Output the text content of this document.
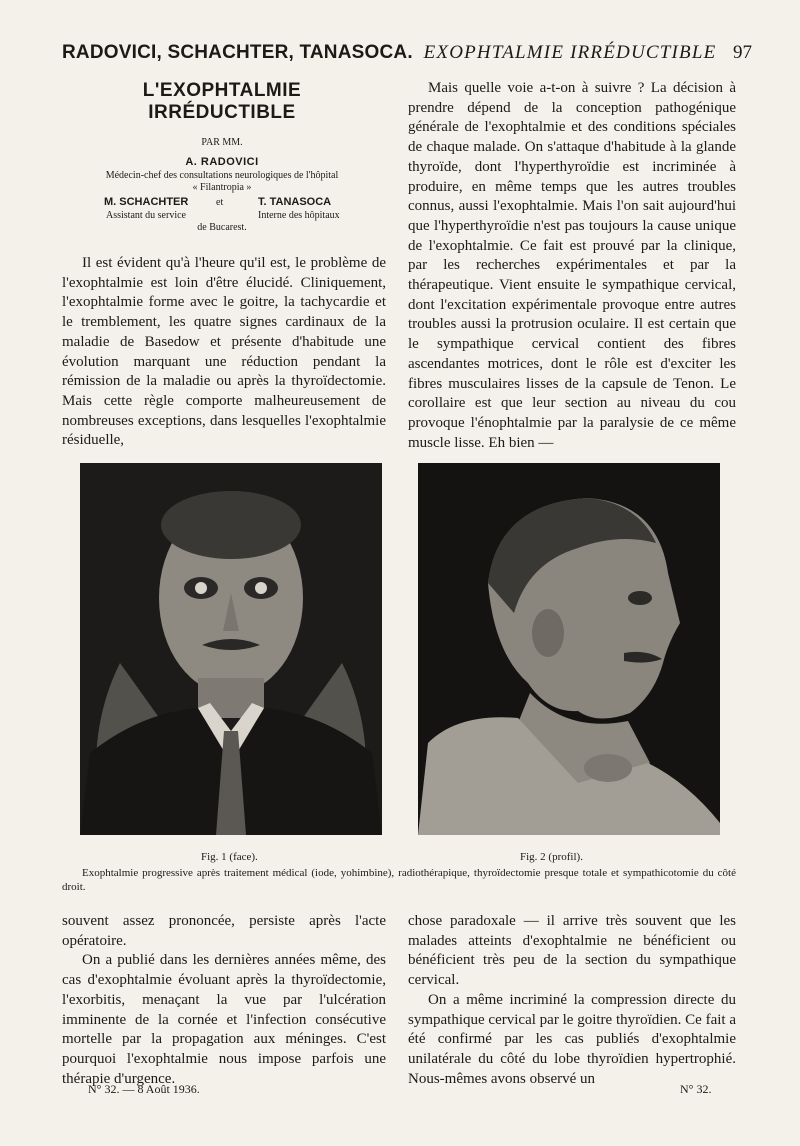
RADOVICI, SCHACHTER, TANASOCA. EXOPHTALMIE IRRÉDUCTIBLE 97
L'EXOPHTALMIE
IRRÉDUCTIBLE
PAR MM.
A. RADOVICI
Médecin-chef des consultations neurologiques de l'hôpital
« Filantropia »
M. SCHACHTER	et	T. TANASOCA
Assistant du service	Interne des hôpitaux
de Bucarest.

Il est évident qu'à l'heure qu'il est, le problème de l'exophtalmie est loin d'être élucidé. Cliniquement, l'exophtalmie forme avec le goitre, la tachycardie et le tremblement, les quatre signes cardinaux de la maladie de Basedow et présente d'habitude une évolution marquant une réduction pendant la rémission de la maladie ou après la thyroïdectomie. Mais cette règle comporte malheureusement de nombreuses exceptions, dans lesquelles l'exophtalmie résiduelle,

Mais quelle voie a-t-on à suivre ? La décision à prendre dépend de la conception pathogénique générale de l'exophtalmie et des conditions spéciales de chaque malade. On s'attaque d'habitude à la glande thyroïde, dont l'hyperthyroïdie est incriminée à produire, en même temps que les autres troubles connus, aussi l'exophtalmie. Mais l'on sait aujourd'hui que l'hyperthyroïdie n'est pas toujours la cause unique de l'exophtalmie. Ce fait est prouvé par la clinique, par les recherches expérimentales et par la thérapeutique. Vient ensuite le sympathique cervical, dont l'excitation expérimentale provoque entre autres troubles aussi la protrusion oculaire. Il est certain que le sympathique cervical contient des fibres ascendantes motrices, dont le rôle est d'exciter les fibres musculaires lisses de la capsule de Tenon. Le corollaire est que leur section au niveau du cou provoque l'énophtalmie par la paralysie de ce même muscle lisse. Eh bien —

Fig. 1 (face).	Fig. 2 (profil).
Exophtalmie progressive après traitement médical (iode, yohimbine), radiothérapique, thyroïdectomie presque totale et sympathicotomie du côté droit.

souvent assez prononcée, persiste après l'acte opératoire.

On a publié dans les dernières années même, des cas d'exophtalmie évoluant après la thyroïdectomie, l'exorbitis, menaçant la vue par l'ulcération imminente de la cornée et l'infection consécutive mortelle par la propagation aux méninges. C'est pourquoi l'exophtalmie nous impose parfois une thérapie d'urgence.

chose paradoxale — il arrive très souvent que les malades atteints d'exophtalmie ne bénéficient ou bénéficient très peu de la section du sympathique cervical.

On a même incriminé la compression directe du sympathique cervical par le goitre thyroïdien. Ce fait a été confirmé par les cas publiés d'exophtalmie unilatérale du côté du lobe thyroïdien hypertrophié. Nous-mêmes avons observé un

N° 32. — 8 Août 1936.	N° 32.
